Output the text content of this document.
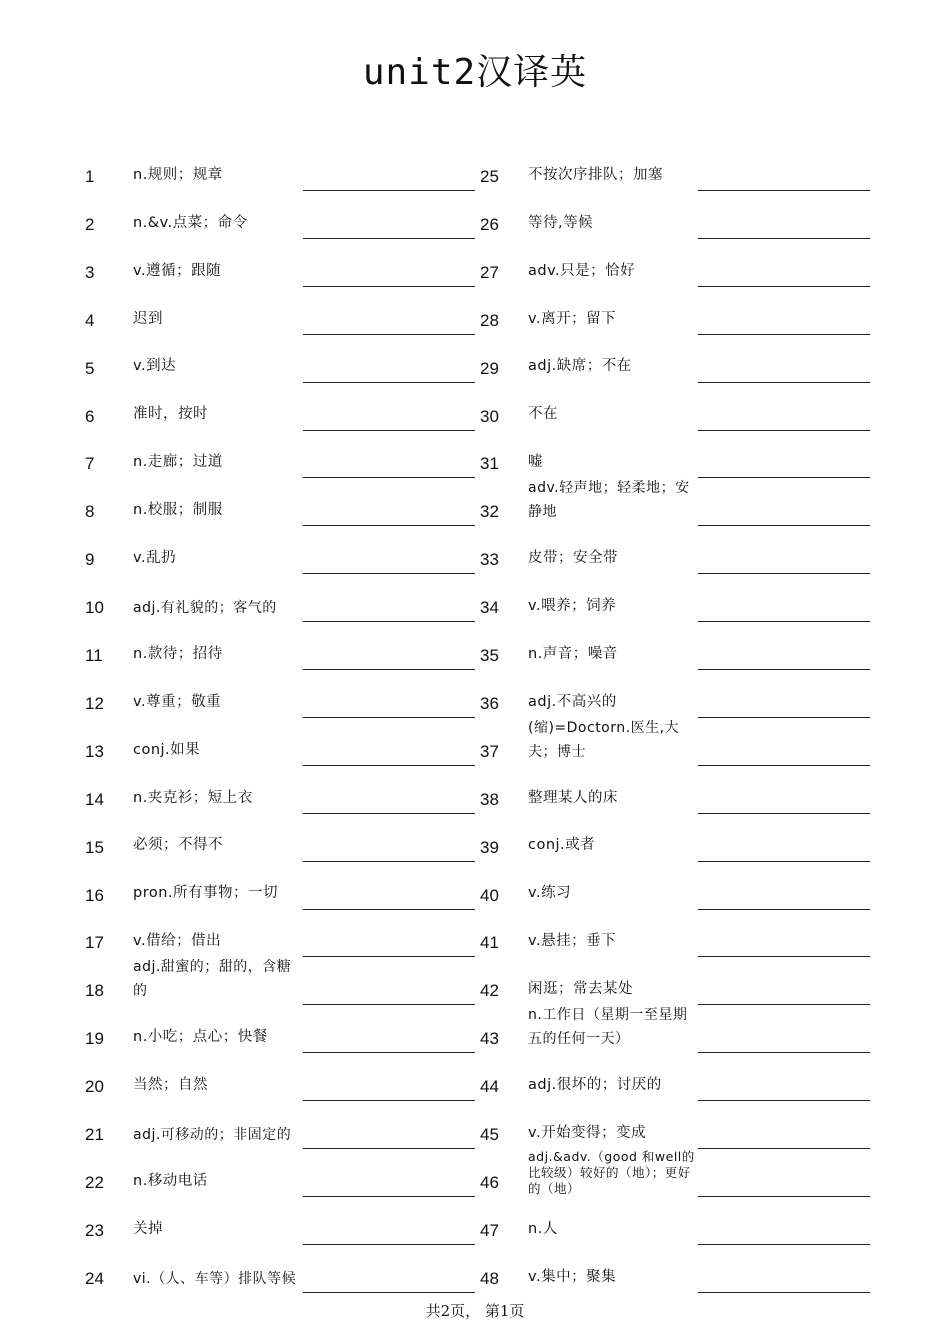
unit2汉译英
1	n.规则；规章
2	n.&v.点菜；命令
3	v.遵循；跟随
4	迟到
5	v.到达
6	准时，按时
7	n.走廊；过道
8	n.校服；制服
9	v.乱扔
10 adj.有礼貌的；客气的
11 n.款待；招待
12 v.尊重；敬重
13 conj.如果
14 n.夹克衫；短上衣
15 必须；不得不
16 pron.所有事物；一切
17 v.借给；借出
18
adj.甜蜜的；甜的，含糖的
19 n.小吃；点心；快餐
20 当然；自然
21 adj.可移动的；非固定的
22 n.移动电话
23 关掉
24 vi.（人、车等）排队等候
25 不按次序排队；加塞
26 等待,等候
27 adv.只是；恰好
28 v.离开；留下
29 adj.缺席；不在
30 不在
31 嘘
32
adv.轻声地；轻柔地；安静地
33 皮带；安全带
34 v.喂养；饲养
35 n.声音；噪音
36 adj.不高兴的
37
(缩)=Doctorn.医生,大夫；博士
38 整理某人的床
39 conj.或者
40 v.练习
41 v.悬挂；垂下
42 闲逛；常去某处
43
n.工作日（星期一至星期五的任何一天）
44 adj.很坏的；讨厌的
45 v.开始变得；变成
46
adj.&adv.（good 和well的比较级）较好的（地）；更好的（地）
47 n.人
48 v.集中；聚集
共2页， 第1页
